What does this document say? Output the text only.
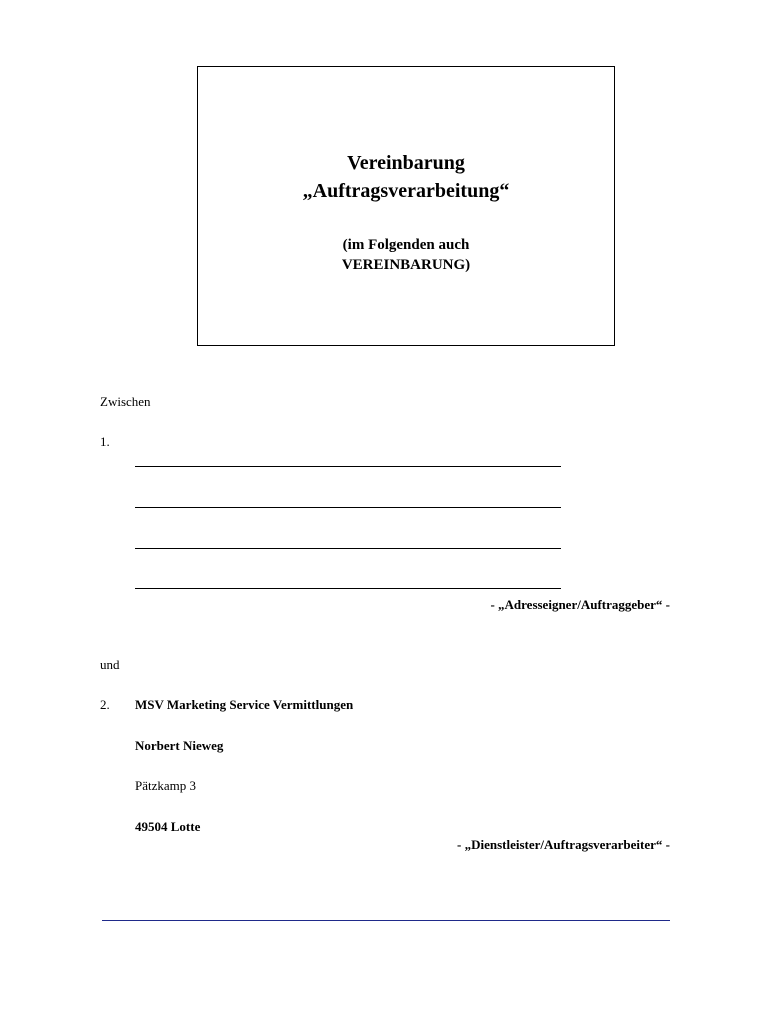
Vereinbarung
„Auftragsverarbeitung“
(im Folgenden auch
VEREINBARUNG)
Zwischen
1.
- „Adresseigner/Auftraggeber“ -
und
2. MSV Marketing Service Vermittlungen
Norbert Nieweg
Pätzkamp 3
49504 Lotte
- „Dienstleister/Auftragsverarbeiter“ -
